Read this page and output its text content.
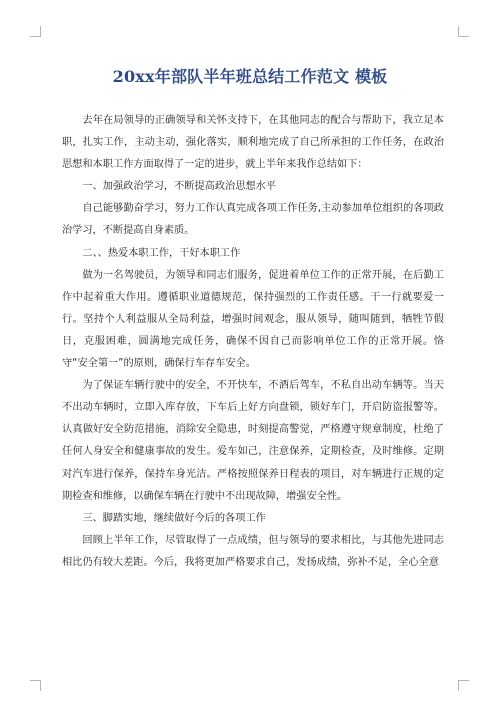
20xx年部队半年班总结工作范文 模板

去年在局领导的正确领导和关怀支持下，在其他同志的配合与帮助下，我立足本职，扎实工作，主动主动，强化落实，顺利地完成了自己所承担的工作任务，在政治思想和本职工作方面取得了一定的进步，就上半年来我作总结如下：

一、加强政治学习，不断提高政治思想水平

自己能够勤奋学习，努力工作认真完成各项工作任务,主动参加单位组织的各项政治学习，不断提高自身素质。

二、、热爱本职工作，干好本职工作

做为一名驾驶员，为领导和同志们服务，促进着单位工作的正常开展，在后勤工作中起着重大作用。遵循职业道德规范，保持强烈的工作责任感。干一行就要爱一行。坚持个人利益服从全局利益，增强时间观念，服从领导，随叫随到，牺牲节假日，克服困难，圆满地完成任务，确保不因自己而影响单位工作的正常开展。恪守“安全第一”的原则，确保行车存车安全。

为了保证车辆行驶中的安全，不开快车，不酒后驾车，不私自出动车辆等。当天不出动车辆时，立即入库存放，下车后上好方向盘锁，锁好车门，开启防盗报警等。认真做好安全防范措施，消除安全隐患，时刻提高警觉，严格遵守规章制度，杜绝了任何人身安全和健康事故的发生。爱车如己，注意保养，定期检查，及时维修。定期对汽车进行保养，保持车身光洁。严格按照保养日程表的项目，对车辆进行正规的定期检查和维修，以确保车辆在行驶中不出现故障，增强安全性。

三、脚踏实地，继续做好今后的各项工作

回顾上半年工作，尽管取得了一点成绩，但与领导的要求相比，与其他先进同志相比仍有较大差距。今后，我将更加严格要求自己，发扬成绩，弥补不足，全心全意
